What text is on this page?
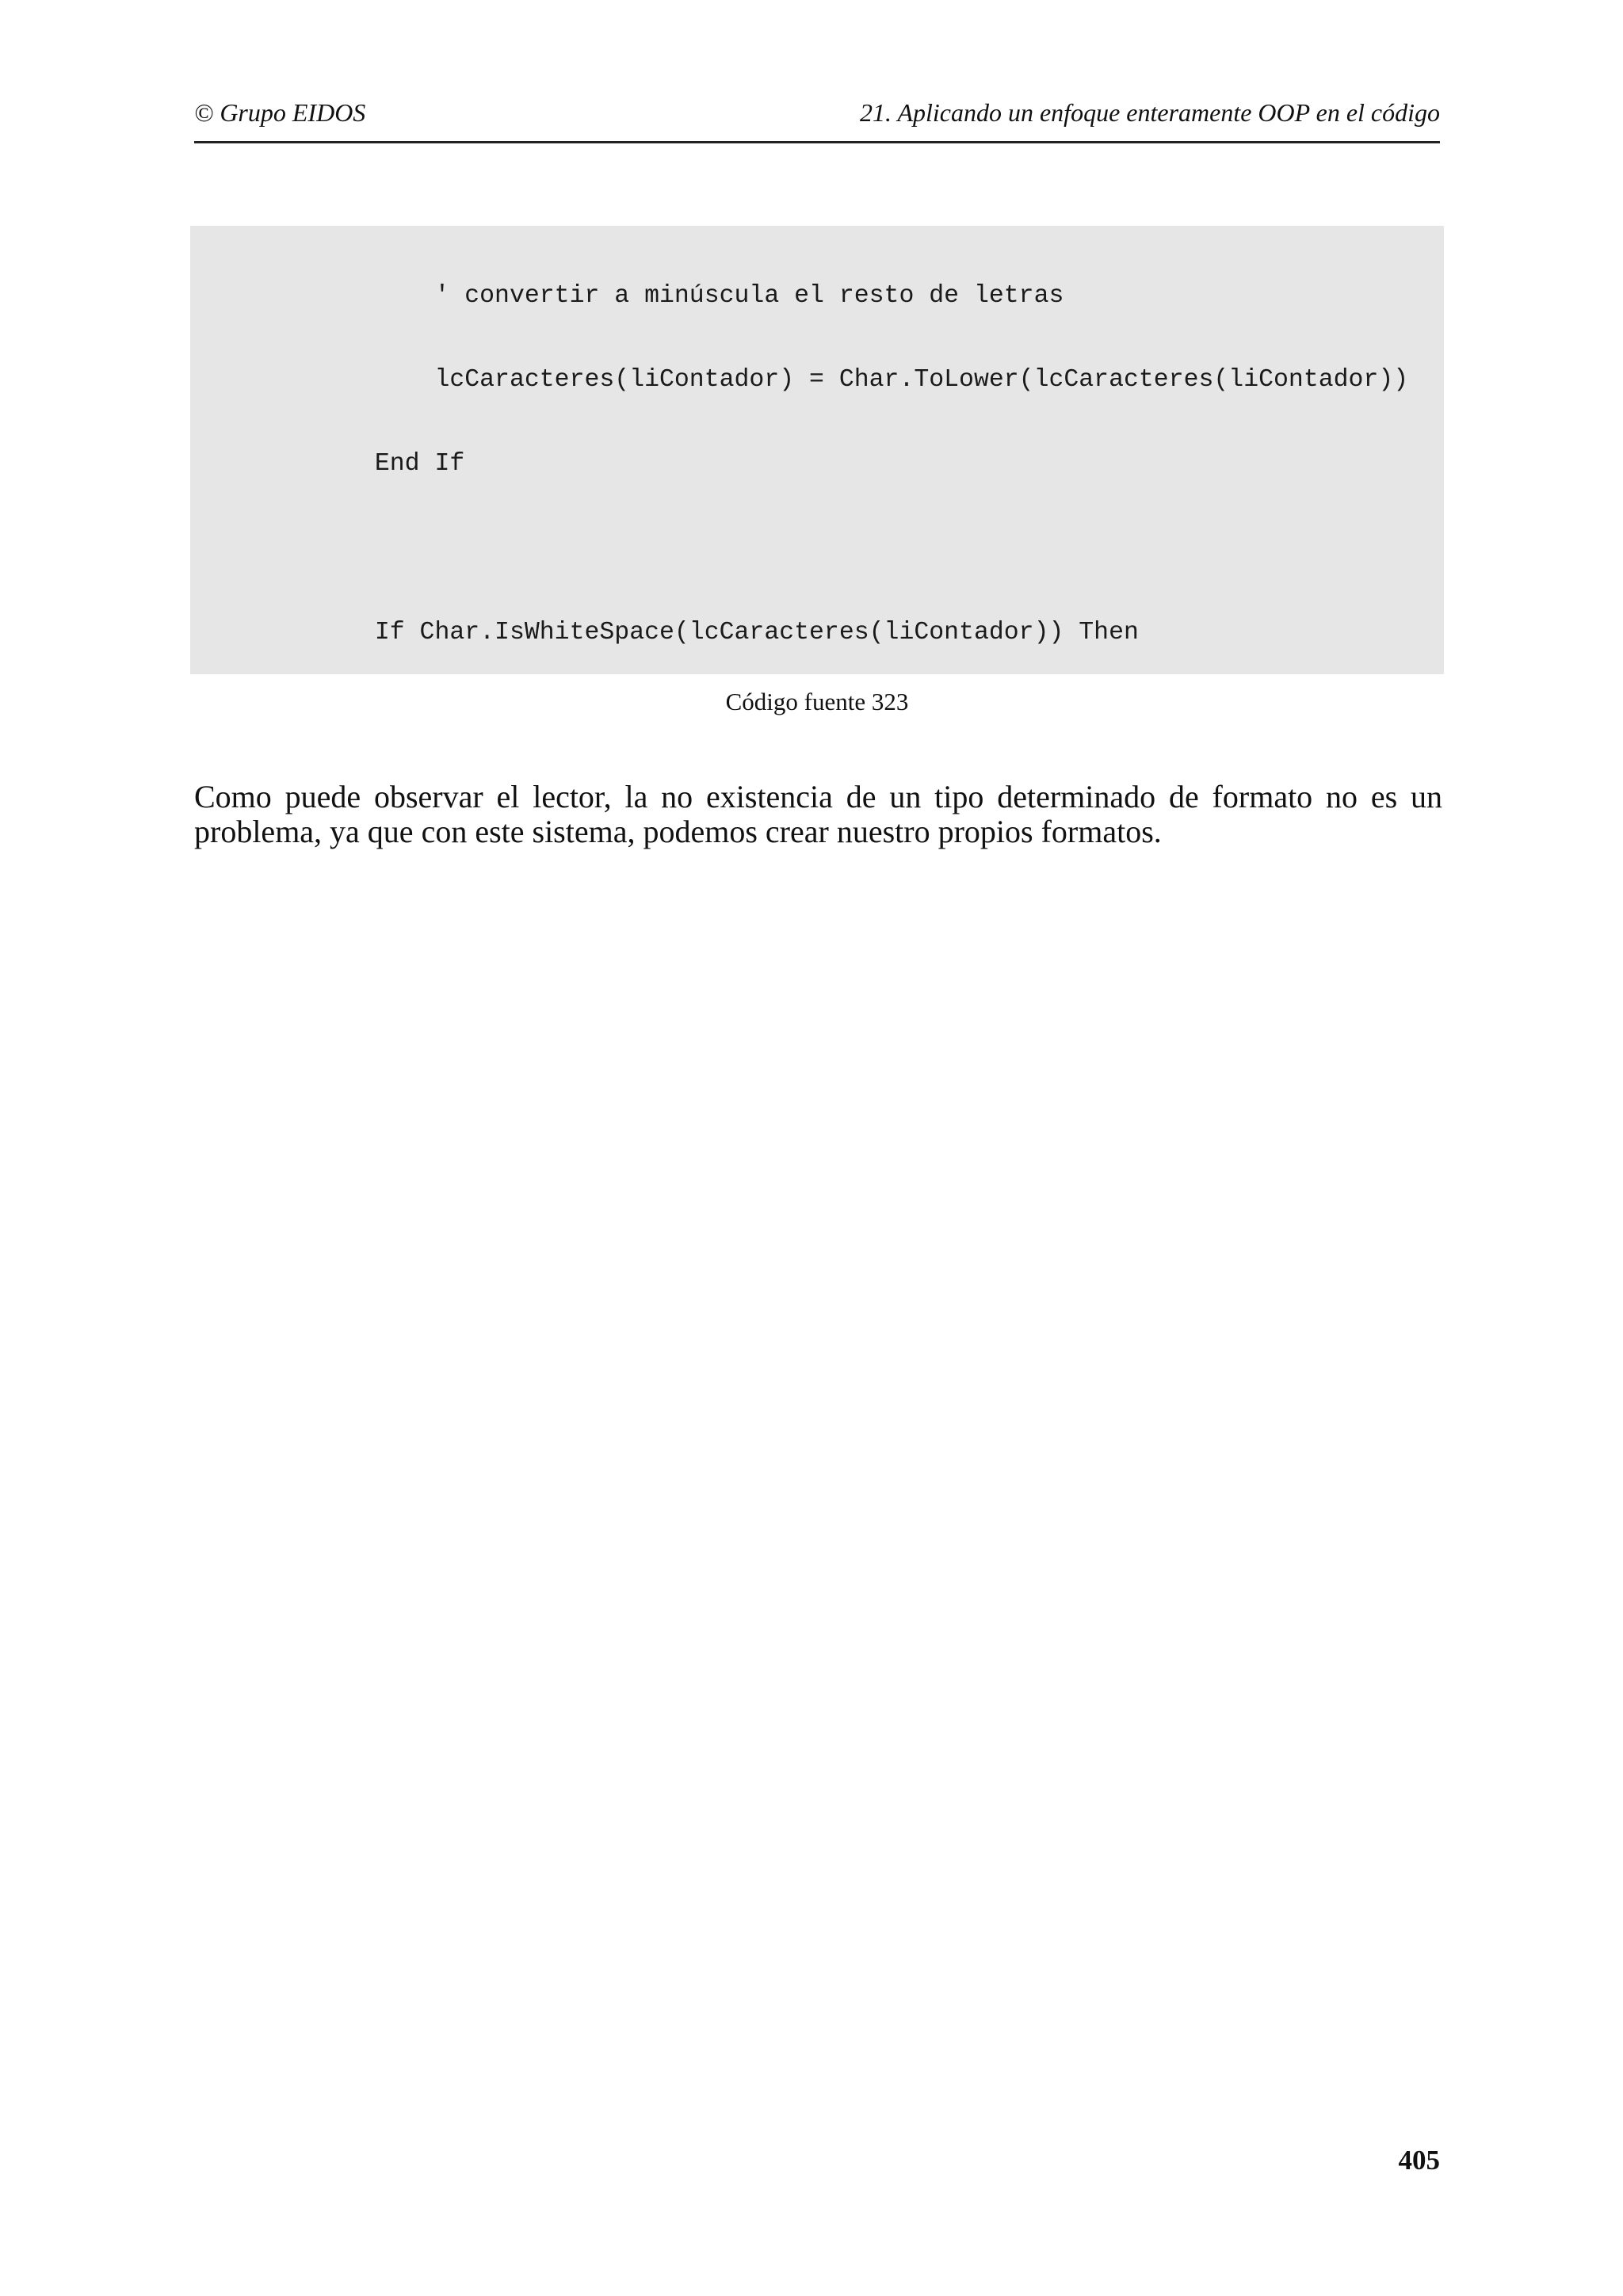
© Grupo EIDOS	21. Aplicando un enfoque enteramente OOP en el código

' convertir a minúscula el resto de letras

lcCaracteres(liContador) = Char.ToLower(lcCaracteres(liContador))

End If

If Char.IsWhiteSpace(lcCaracteres(liContador)) Then

Código fuente 323

Como puede observar el lector, la no existencia de un tipo determinado de formato no es un problema, ya que con este sistema, podemos crear nuestro propios formatos.

405
